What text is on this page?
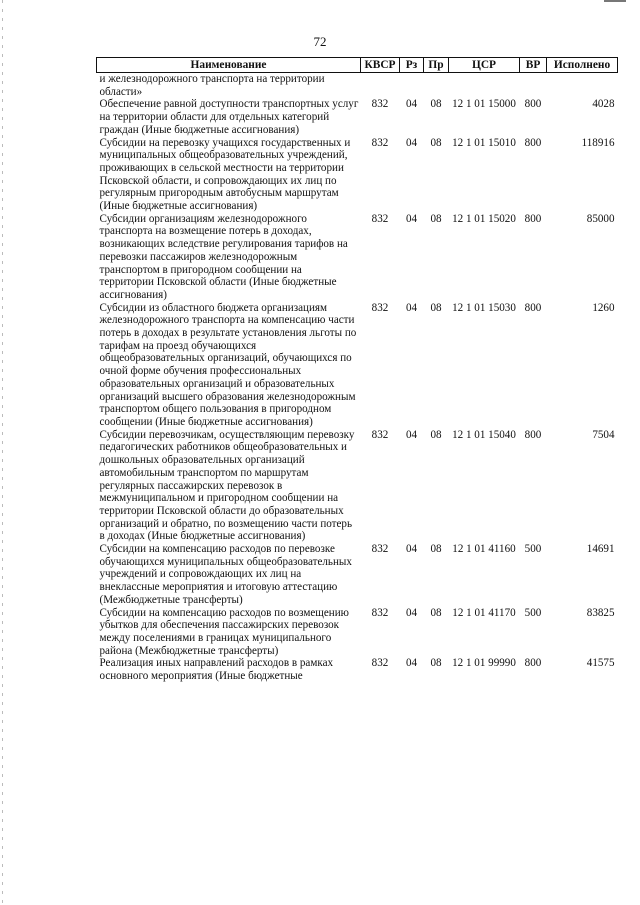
72
Наименование	КВСР	Рз	Пр	ЦСР	ВР	Исполнено
и железнодорожного транспорта на территории области»						
Обеспечение равной доступности транспортных услуг на территории области для отдельных категорий граждан (Иные бюджетные ассигнования)	832	04	08	12 1 01 15000	800	4028
Субсидии на перевозку учащихся государственных и муниципальных общеобразовательных учреждений, проживающих в сельской местности на территории Псковской области, и сопровождающих их лиц по регулярным пригородным автобусным маршрутам (Иные бюджетные ассигнования)	832	04	08	12 1 01 15010	800	118916
Субсидии организациям железнодорожного транспорта на возмещение потерь в доходах, возникающих вследствие регулирования тарифов на перевозки пассажиров железнодорожным транспортом в пригородном сообщении на территории Псковской области (Иные бюджетные ассигнования)	832	04	08	12 1 01 15020	800	85000
Субсидии из областного бюджета организациям железнодорожного транспорта на компенсацию части потерь в доходах в результате установления льготы по тарифам на проезд обучающихся общеобразовательных организаций, обучающихся по очной форме обучения профессиональных образовательных организаций и образовательных организаций высшего образования железнодорожным транспортом общего пользования в пригородном сообщении (Иные бюджетные ассигнования)	832	04	08	12 1 01 15030	800	1260
Субсидии перевозчикам, осуществляющим перевозку педагогических работников общеобразовательных и дошкольных образовательных организаций автомобильным транспортом по маршрутам регулярных пассажирских перевозок в межмуниципальном и пригородном сообщении на территории Псковской области до образовательных организаций и обратно, по возмещению части потерь в доходах (Иные бюджетные ассигнования)	832	04	08	12 1 01 15040	800	7504
Субсидии на компенсацию расходов по перевозке обучающихся муниципальных общеобразовательных учреждений и сопровождающих их лиц на внеклассные мероприятия и итоговую аттестацию (Межбюджетные трансферты)	832	04	08	12 1 01 41160	500	14691
Субсидии на компенсацию расходов по возмещению убытков для обеспечения пассажирских перевозок между поселениями в границах муниципального района (Межбюджетные трансферты)	832	04	08	12 1 01 41170	500	83825
Реализация иных направлений расходов в рамках основного мероприятия (Иные бюджетные	832	04	08	12 1 01 99990	800	41575
